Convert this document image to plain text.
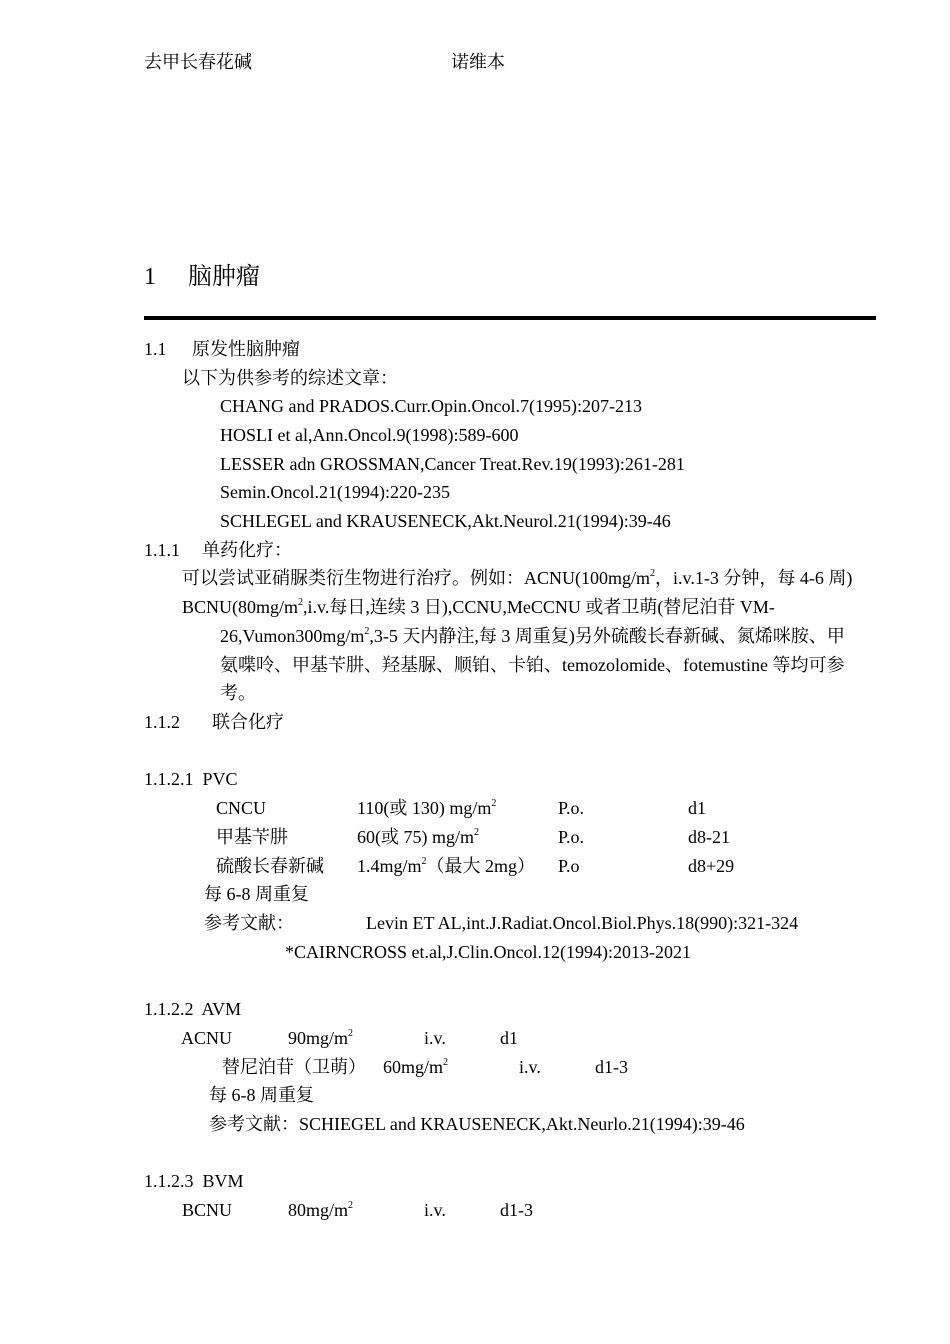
去甲长春花碱	诺维本
1 脑肿瘤
1.1 原发性脑肿瘤
以下为供参考的综述文章：
CHANG and PRADOS.Curr.Opin.Oncol.7(1995):207-213
HOSLI et al,Ann.Oncol.9(1998):589-600
LESSER adn GROSSMAN,Cancer Treat.Rev.19(1993):261-281
Semin.Oncol.21(1994):220-235
SCHLEGEL and KRAUSENECK,Akt.Neurol.21(1994):39-46
1.1.1 单药化疗：
可以尝试亚硝脲类衍生物进行治疗。例如：$ACNU(100mg/m^2$，i.v.1-3 分钟，每 4-6 周)
$BCNU(80mg/m^2,i.v$.每日,连续 3 日),CCNU,MeCCNU 或者卫萌(替尼泊苷 VM-
$26,Vumon300mg/m^2,3-5$ 天内静注,每 3 周重复)另外硫酸长春新碱、氮烯咪胺、甲
氨喋呤、甲基苄肼、羟基脲、顺铂、卡铂、temozolomide、fotemustine 等均可参
考。
1.1.2 联合化疗
1.1.2.1  PVC
CNCU	110(或 130) $mg/m^2$	P.o.	d1
甲基苄肼	60(或 75) $mg/m^2$	P.o.	d8-21
硫酸长春新碱 $1.4mg/m^2$（最大 2mg） P.o	d8+29
每 6-8 周重复
参考文献：	Levin ET AL,int.J.Radiat.Oncol.Biol.Phys.18(990):321-324
*CAIRNCROSS et.al,J.Clin.Oncol.12(1994):2013-2021
1.1.2.2  AVM
ACNU	$90mg/m^2$	i.v.	d1
替尼泊苷（卫萌） $60mg/m^2$	i.v.	d1-3
每 6-8 周重复
参考文献：SCHIEGEL and KRAUSENECK,Akt.Neurlo.21(1994):39-46
1.1.2.3  BVM
BCNU	$80mg/m^2$	i.v.	d1-3
